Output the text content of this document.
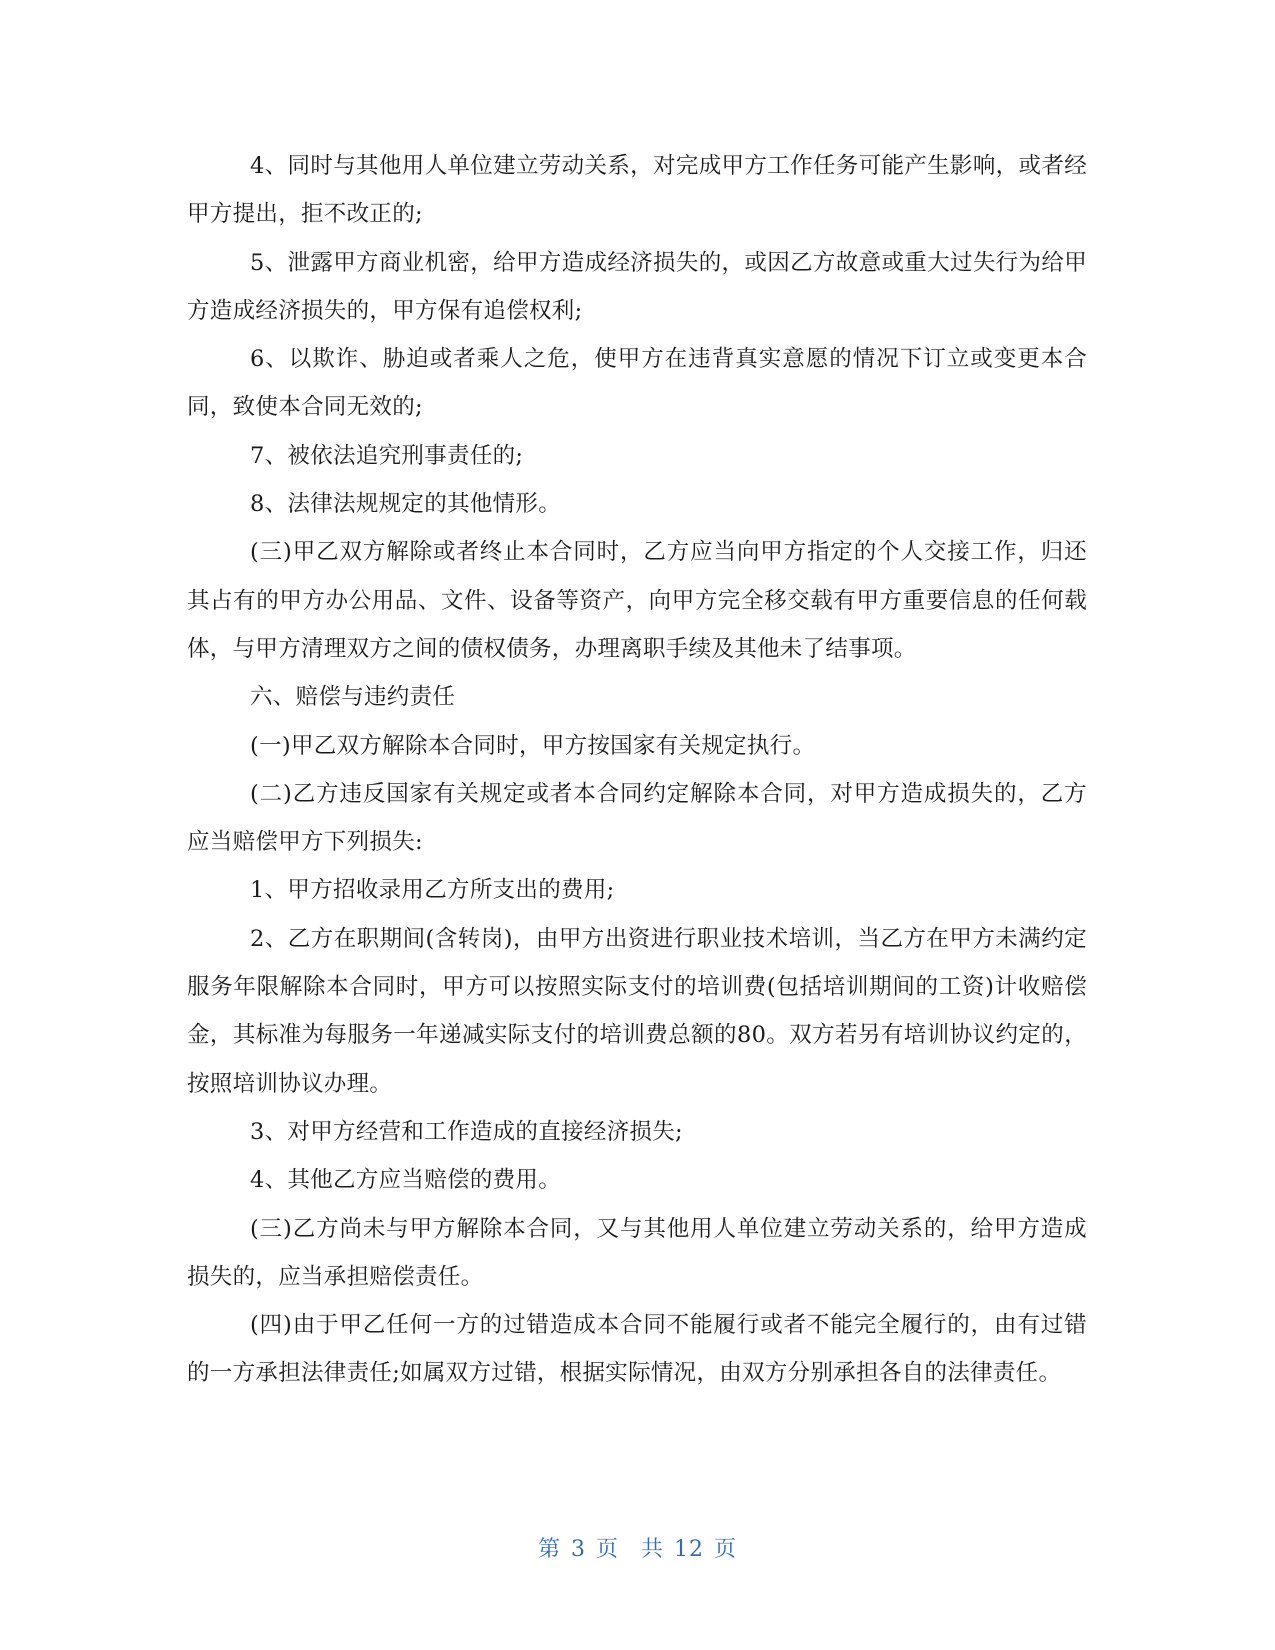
4、同时与其他用人单位建立劳动关系，对完成甲方工作任务可能产生影响，或者经甲方提出，拒不改正的;

5、泄露甲方商业机密，给甲方造成经济损失的，或因乙方故意或重大过失行为给甲方造成经济损失的，甲方保有追偿权利;

6、以欺诈、胁迫或者乘人之危，使甲方在违背真实意愿的情况下订立或变更本合同，致使本合同无效的;

7、被依法追究刑事责任的;

8、法律法规规定的其他情形。

(三)甲乙双方解除或者终止本合同时，乙方应当向甲方指定的个人交接工作，归还其占有的甲方办公用品、文件、设备等资产，向甲方完全移交载有甲方重要信息的任何载体，与甲方清理双方之间的债权债务，办理离职手续及其他未了结事项。

六、赔偿与违约责任

(一)甲乙双方解除本合同时，甲方按国家有关规定执行。

(二)乙方违反国家有关规定或者本合同约定解除本合同，对甲方造成损失的，乙方应当赔偿甲方下列损失:

1、甲方招收录用乙方所支出的费用;

2、乙方在职期间(含转岗)，由甲方出资进行职业技术培训，当乙方在甲方未满约定服务年限解除本合同时，甲方可以按照实际支付的培训费(包括培训期间的工资)计收赔偿金，其标准为每服务一年递减实际支付的培训费总额的80。双方若另有培训协议约定的，按照培训协议办理。

3、对甲方经营和工作造成的直接经济损失;

4、其他乙方应当赔偿的费用。

(三)乙方尚未与甲方解除本合同，又与其他用人单位建立劳动关系的，给甲方造成损失的，应当承担赔偿责任。

(四)由于甲乙任何一方的过错造成本合同不能履行或者不能完全履行的，由有过错的一方承担法律责任;如属双方过错，根据实际情况，由双方分别承担各自的法律责任。

第 3 页 共 12 页
